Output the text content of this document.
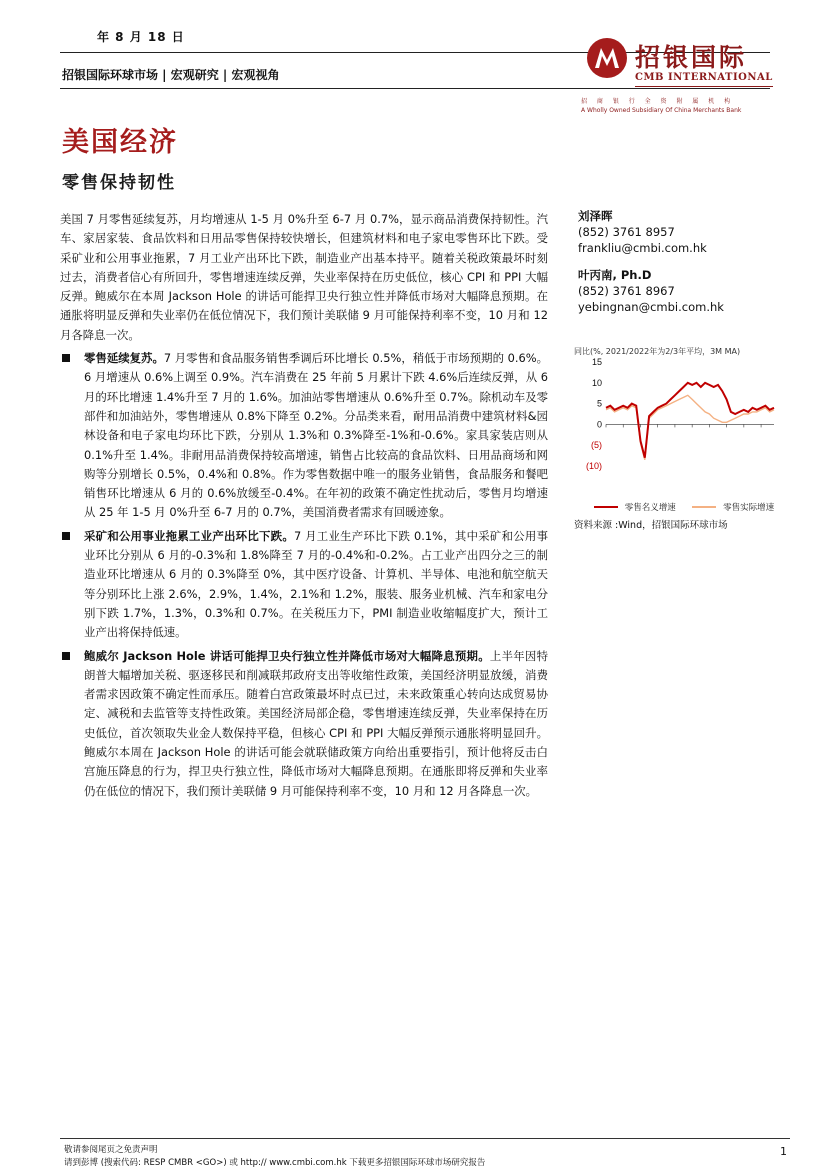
年 8 月 18 日
招银国际环球市场 | 宏观研究 | 宏观视角
招银国际
CMB INTERNATIONAL
招 商 银 行 全 资 附 属 机 构
A Wholly Owned Subsidiary Of China Merchants Bank
美国经济
零售保持韧性

美国 7 月零售延续复苏，月均增速从 1-5 月 0%升至 6-7 月 0.7%，显示商品消费保持韧性。汽车、家居家装、食品饮料和日用品零售保持较快增长，但建筑材料和电子家电零售环比下跌。受采矿业和公用事业拖累，7 月工业产出环比下跌，制造业产出基本持平。随着关税政策最坏时刻过去，消费者信心有所回升，零售增速连续反弹，失业率保持在历史低位，核心 CPI 和 PPI 大幅反弹。鲍威尔在本周 Jackson Hole 的讲话可能捍卫央行独立性并降低市场对大幅降息预期。在通胀将明显反弹和失业率仍在低位情况下，我们预计美联储 9 月可能保持利率不变，10 月和 12 月各降息一次。

零售延续复苏。7 月零售和食品服务销售季调后环比增长 0.5%，稍低于市场预期的 0.6%。6 月增速从 0.6%上调至 0.9%。汽车消费在 25 年前 5 月累计下跌 4.6%后连续反弹，从 6 月的环比增速 1.4%升至 7 月的 1.6%。加油站零售增速从 0.6%升至 0.7%。除机动车及零部件和加油站外，零售增速从 0.8%下降至 0.2%。分品类来看，耐用品消费中建筑材料&园林设备和电子家电均环比下跌，分别从 1.3%和 0.3%降至-1%和-0.6%。家具家装店则从 0.1%升至 1.4%。非耐用品消费保持较高增速，销售占比较高的食品饮料、日用品商场和网购等分别增长 0.5%，0.4%和 0.8%。作为零售数据中唯一的服务业销售，食品服务和餐吧销售环比增速从 6 月的 0.6%放缓至-0.4%。在年初的政策不确定性扰动后，零售月均增速从 25 年 1-5 月 0%升至 6-7 月的 0.7%，美国消费者需求有回暖迹象。
采矿和公用事业拖累工业产出环比下跌。7 月工业生产环比下跌 0.1%，其中采矿和公用事业环比分别从 6 月的-0.3%和 1.8%降至 7 月的-0.4%和-0.2%。占工业产出四分之三的制造业环比增速从 6 月的 0.3%降至 0%，其中医疗设备、计算机、半导体、电池和航空航天等分别环比上涨 2.6%，2.9%，1.4%，2.1%和 1.2%，服装、服务业机械、汽车和家电分别下跌 1.7%，1.3%，0.3%和 0.7%。在关税压力下，PMI 制造业收缩幅度扩大，预计工业产出将保持低速。
鲍威尔 Jackson Hole 讲话可能捍卫央行独立性并降低市场对大幅降息预期。上半年因特朗普大幅增加关税、驱逐移民和削减联邦政府支出等收缩性政策，美国经济明显放缓，消费者需求因政策不确定性而承压。随着白宫政策最坏时点已过，未来政策重心转向达成贸易协定、减税和去监管等支持性政策。美国经济局部企稳，零售增速连续反弹，失业率保持在历史低位，首次领取失业金人数保持平稳，但核心 CPI 和 PPI 大幅反弹预示通胀将明显回升。鲍威尔本周在 Jackson Hole 的讲话可能会就联储政策方向给出重要指引，预计他将反击白宫施压降息的行为，捍卫央行独立性，降低市场对大幅降息预期。在通胀即将反弹和失业率仍在低位的情况下，我们预计美联储 9 月可能保持利率不变，10 月和 12 月各降息一次。
刘泽晖
(852) 3761 8957
frankliu@cmbi.com.hk
叶丙南, Ph.D
(852) 3761 8967
yebingnan@cmbi.com.hk
同比(%, 2021/2022年为2/3年平均，3M MA)
15
10
5
0
(5)
(10)
零售名义增速	零售实际增速
资料来源 :Wind，招银国际环球市场
敬请参阅尾页之免责声明
请到彭博 (搜索代码: RESP CMBR <GO>) 或 http:// www.cmbi.com.hk 下载更多招银国际环球市场研究报告
1
